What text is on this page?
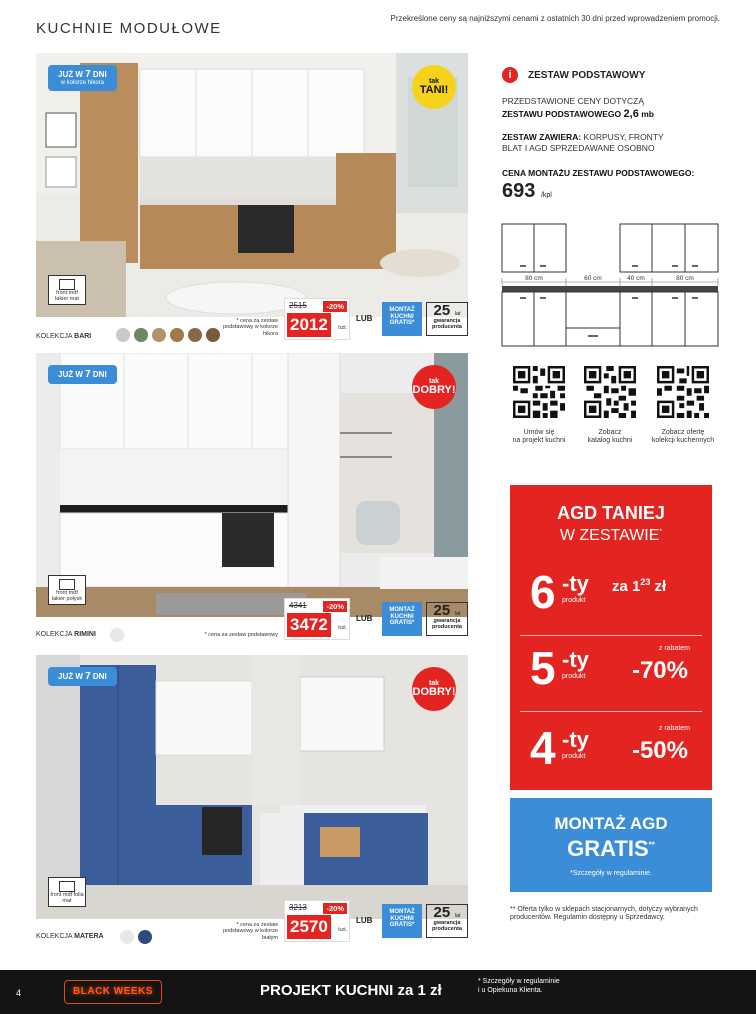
KUCHNIE MODUŁOWE
Przekreślone ceny są najniższymi cenami z ostatnich 30 dni przed wprowadzeniem promocji.
JUŻ W 7 DNI
w kolorze hikora	tak
TANI!
front mdf lakier mat
KOLEKCJA BARI
* cena za zestaw podstawowy w kolorze hikora
2515	-20%
2012	/szt.
LUB
MONTAŻ KUCHNI GRATIS*
25 lat
gwarancja producenta
JUŻ W 7 DNI
tak
DOBRY!
front mdf lakier połysk
KOLEKCJA RIMINI	* cena za zestaw podstawowy
4341	-20%
3472	/szt.
LUB
MONTAŻ KUCHNI GRATIS*
25 lat
gwarancja producenta
JUŻ W 7 DNI
tak
DOBRY!
front mdf folia mat
KOLEKCJA MATERA
* cena za zestaw podstawowy w kolorze białym
3213	-20%
2570	/szt.
LUB
MONTAŻ KUCHNI GRATIS*
25 lat
gwarancja producenta
i	ZESTAW PODSTAWOWY
PRZEDSTAWIONE CENY DOTYCZĄ
ZESTAWU PODSTAWOWEGO 2,6 mb
ZESTAW ZAWIERA: KORPUSY, FRONTY
BLAT I AGD SPRZEDAWANE OSOBNO
CENA MONTAŻU ZESTAWU PODSTAWOWEGO:
693 /kpl
80 cm	60 cm	40 cm	80 cm
Umów się
na projekt kuchni
Zobacz
katalog kuchni
Zobacz ofertę
kolekcji kuchennych
AGD TANIEJ
W ZESTAWIE*
6 -ty
produkt
za $1^{23}$ zł
5 -ty
produkt
z rabatem
-70%
4 -ty
produkt
z rabatem
-50%
MONTAŻ AGD
GRATIS**
*Szczegóły w regulaminie.
** Oferta tylko w sklepach stacjonarnych, dotyczy wybranych producentów. Regulamin dostępny u Sprzedawcy.
4	BLACK WEEKS	PROJEKT KUCHNI za 1 zł
* Szczegóły w regulaminie
i u Opiekuna Klienta.
